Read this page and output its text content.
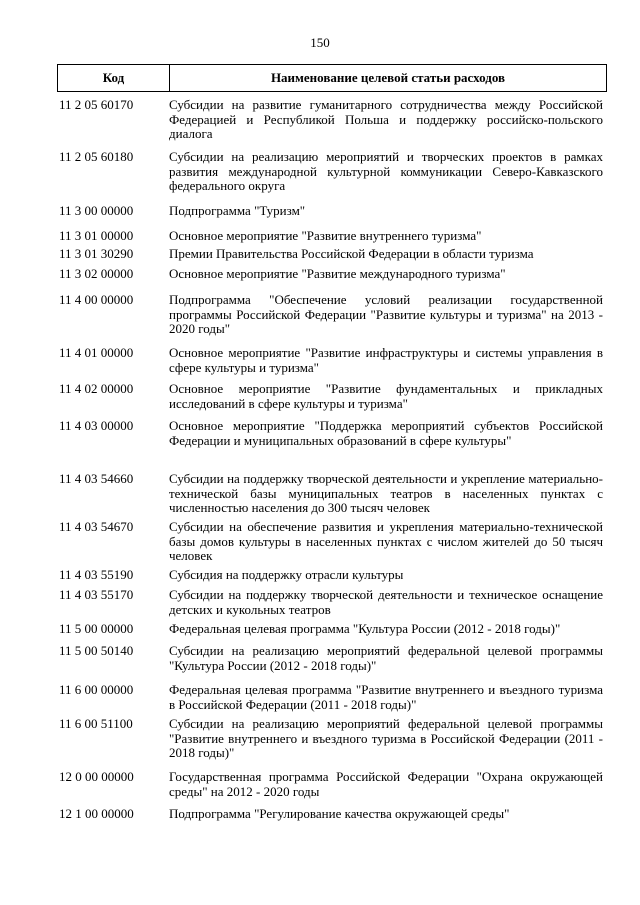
150
Код	Наименование целевой статьи расходов
11 2 05 60170	Субсидии на развитие гуманитарного сотрудничества между Российской Федерацией и Республикой Польша и поддержку российско-польского диалога
11 2 05 60180	Субсидии на реализацию мероприятий и творческих проектов в рамках развития международной культурной коммуникации Северо-Кавказского федерального округа
11 3 00 00000	Подпрограмма "Туризм"
11 3 01 00000	Основное мероприятие "Развитие внутреннего туризма"
11 3 01 30290	Премии Правительства Российской Федерации в области туризма
11 3 02 00000	Основное мероприятие "Развитие международного туризма"
11 4 00 00000	Подпрограмма "Обеспечение условий реализации государственной программы Российской Федерации "Развитие культуры и туризма" на 2013 - 2020 годы"
11 4 01 00000	Основное мероприятие "Развитие инфраструктуры и системы управления в сфере культуры и туризма"
11 4 02 00000	Основное мероприятие "Развитие фундаментальных и прикладных исследований в сфере культуры и туризма"
11 4 03 00000	Основное мероприятие "Поддержка мероприятий субъектов Российской Федерации и муниципальных образований в сфере культуры"
11 4 03 54660	Субсидии на поддержку творческой деятельности и укрепление материально-технической базы муниципальных театров в населенных пунктах с численностью населения до 300 тысяч человек
11 4 03 54670	Субсидии на обеспечение развития и укрепления материально-технической базы домов культуры в населенных пунктах с числом жителей до 50 тысяч человек
11 4 03 55190	Субсидия на поддержку отрасли культуры
11 4 03 55170	Субсидии на поддержку творческой деятельности и техническое оснащение детских и кукольных театров
11 5 00 00000	Федеральная целевая программа "Культура России (2012 - 2018 годы)"
11 5 00 50140	Субсидии на реализацию мероприятий федеральной целевой программы "Культура России (2012 - 2018 годы)"
11 6 00 00000	Федеральная целевая программа "Развитие внутреннего и въездного туризма в Российской Федерации (2011 - 2018 годы)"
11 6 00 51100	Субсидии на реализацию мероприятий федеральной целевой программы "Развитие внутреннего и въездного туризма в Российской Федерации (2011 - 2018 годы)"
12 0 00 00000	Государственная программа Российской Федерации "Охрана окружающей среды" на 2012 - 2020 годы
12 1 00 00000	Подпрограмма "Регулирование качества окружающей среды"
